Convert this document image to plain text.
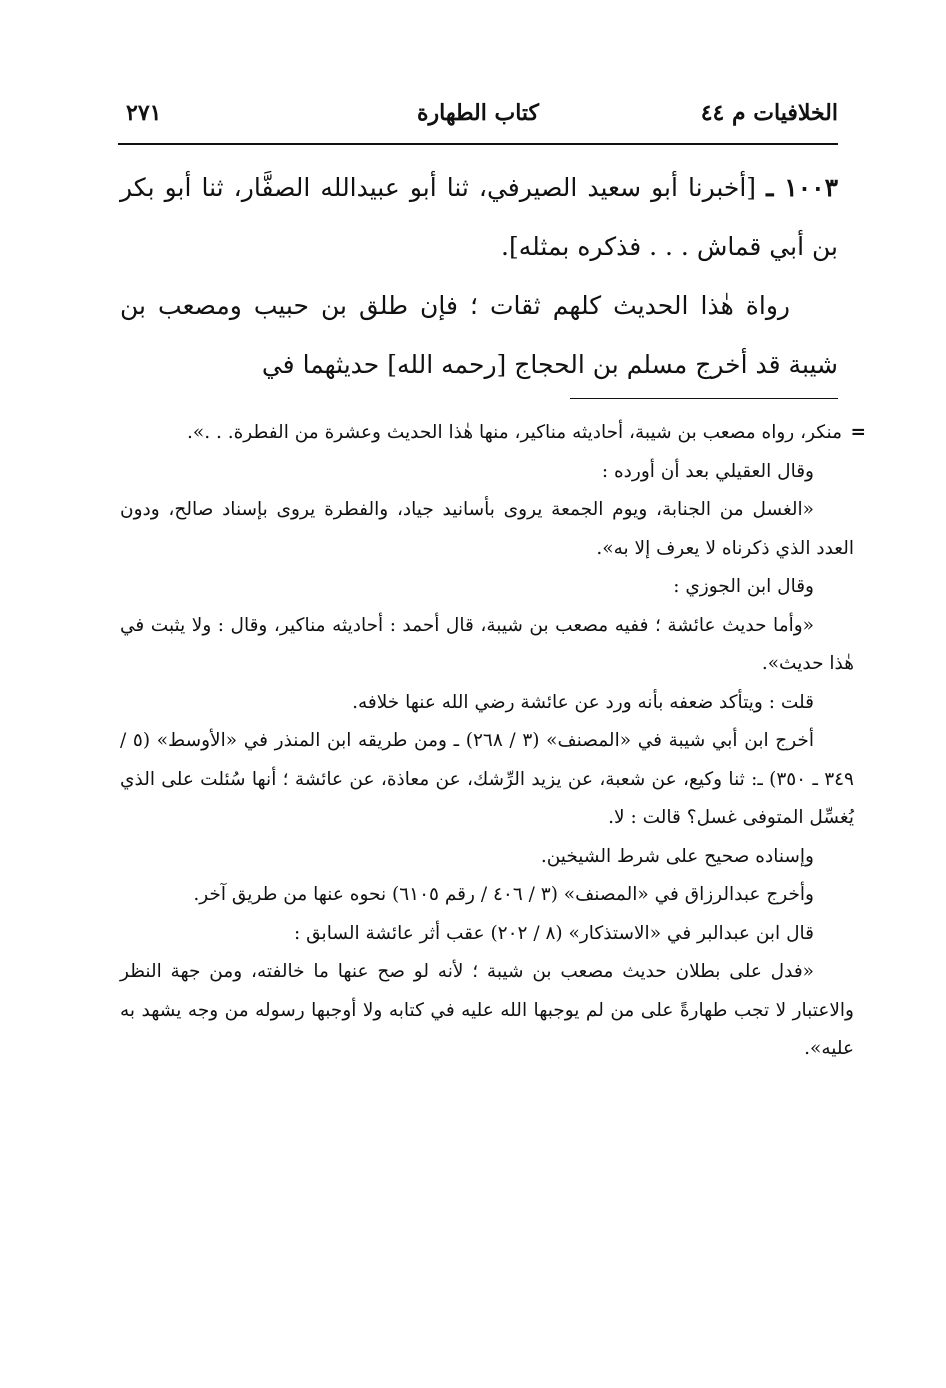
الخلافيات م ٤٤
كتاب الطهارة
٢٧١

١٠٠٣ ـ [أخبرنا أبو سعيد الصيرفي، ثنا أبو عبيدالله الصفَّار، ثنا أبو بكر بن أبي قماش . . . فذكره بمثله].

رواة هٰذا الحديث كلهم ثقات ؛ فإن طلق بن حبيب ومصعب بن شيبة قد أخرج مسلم بن الحجاج [رحمه الله] حديثهما في

=
منكر، رواه مصعب بن شيبة، أحاديثه مناكير، منها هٰذا الحديث وعشرة من الفطرة. . .».

وقال العقيلي بعد أن أورده :

«الغسل من الجنابة، ويوم الجمعة يروى بأسانيد جياد، والفطرة يروى بإسناد صالح، ودون العدد الذي ذكرناه لا يعرف إلا به».

وقال ابن الجوزي :

«وأما حديث عائشة ؛ ففيه مصعب بن شيبة، قال أحمد : أحاديثه مناكير، وقال : ولا يثبت في هٰذا حديث».

قلت : ويتأكد ضعفه بأنه ورد عن عائشة رضي الله عنها خلافه.

أخرج ابن أبي شيبة في «المصنف» (٣ / ٢٦٨) ـ ومن طريقه ابن المنذر في «الأوسط» (٥ / ٣٤٩ ـ ٣٥٠) ـ: ثنا وكيع، عن شعبة، عن يزيد الرِّشك، عن معاذة، عن عائشة ؛ أنها سُئلت على الذي يُغسِّل المتوفى غسل؟ قالت : لا.

وإسناده صحيح على شرط الشيخين.

وأخرج عبدالرزاق في «المصنف» (٣ / ٤٠٦ / رقم ٦١٠٥) نحوه عنها من طريق آخر.

قال ابن عبدالبر في «الاستذكار» (٨ / ٢٠٢) عقب أثر عائشة السابق :

«فدل على بطلان حديث مصعب بن شيبة ؛ لأنه لو صح عنها ما خالفته، ومن جهة النظر والاعتبار لا تجب طهارةً على من لم يوجبها الله عليه في كتابه ولا أوجبها رسوله من وجه يشهد به عليه».
